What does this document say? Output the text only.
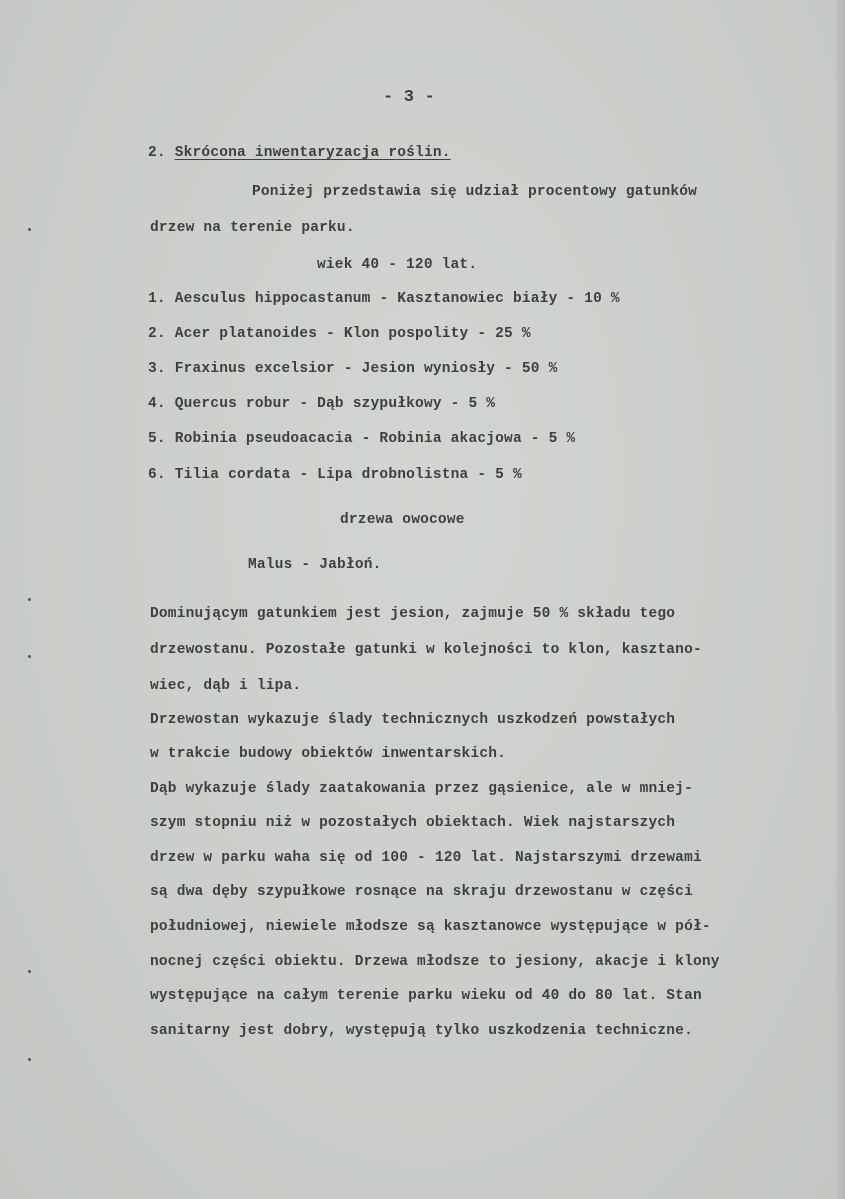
- 3 -
2. Skrócona inwentaryzacja roślin.
Poniżej przedstawia się udział procentowy gatunków
drzew na terenie parku.
wiek 40 - 120 lat.
1. Aesculus hippocastanum - Kasztanowiec biały - 10 %
2. Acer platanoides - Klon pospolity - 25 %
3. Fraxinus excelsior - Jesion wyniosły - 50 %
4. Quercus robur - Dąb szypułkowy - 5 %
5. Robinia pseudoacacia - Robinia akacjowa - 5 %
6. Tilia cordata - Lipa drobnolistna - 5 %
drzewa owocowe
Malus - Jabłoń.
Dominującym gatunkiem jest jesion, zajmuje 50 % składu tego
drzewostanu. Pozostałe gatunki w kolejności to klon, kasztano-
wiec, dąb i lipa.
Drzewostan wykazuje ślady technicznych uszkodzeń powstałych
w trakcie budowy obiektów inwentarskich.
Dąb wykazuje ślady zaatakowania przez gąsienice, ale w mniej-
szym stopniu niż w pozostałych obiektach. Wiek najstarszych
drzew w parku waha się od 100 - 120 lat. Najstarszymi drzewami
są dwa dęby szypułkowe rosnące na skraju drzewostanu w części
południowej, niewiele młodsze są kasztanowce występujące w pół-
nocnej części obiektu. Drzewa młodsze to jesiony, akacje i klony
występujące na całym terenie parku wieku od 40 do 80 lat. Stan
sanitarny jest dobry, występują tylko uszkodzenia techniczne.
